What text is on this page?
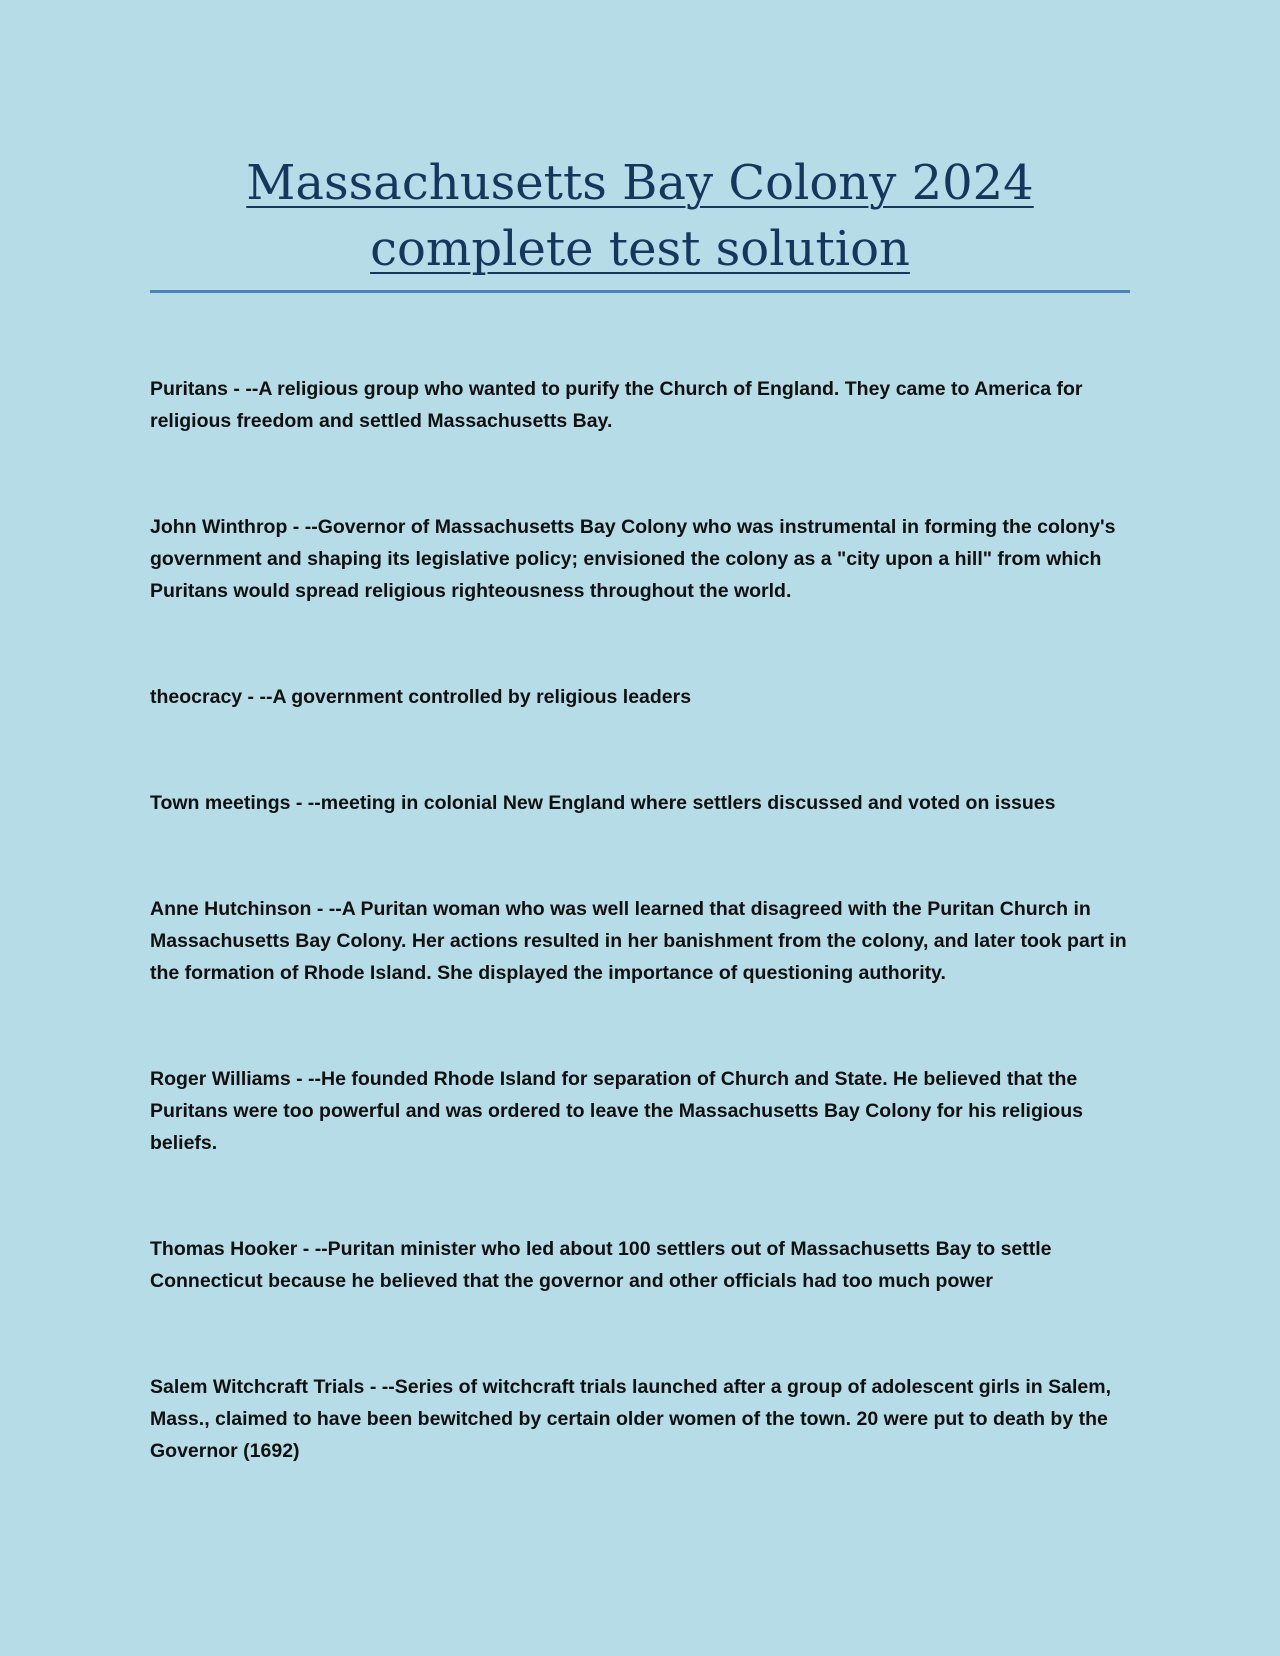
Massachusetts Bay Colony 2024
complete test solution

Puritans - --A religious group who wanted to purify the Church of England. They came to America for religious freedom and settled Massachusetts Bay.

John Winthrop - --Governor of Massachusetts Bay Colony who was instrumental in forming the colony's government and shaping its legislative policy; envisioned the colony as a "city upon a hill" from which Puritans would spread religious righteousness throughout the world.

theocracy - --A government controlled by religious leaders

Town meetings - --meeting in colonial New England where settlers discussed and voted on issues

Anne Hutchinson - --A Puritan woman who was well learned that disagreed with the Puritan Church in Massachusetts Bay Colony. Her actions resulted in her banishment from the colony, and later took part in the formation of Rhode Island. She displayed the importance of questioning authority.

Roger Williams - --He founded Rhode Island for separation of Church and State. He believed that the Puritans were too powerful and was ordered to leave the Massachusetts Bay Colony for his religious beliefs.

Thomas Hooker - --Puritan minister who led about 100 settlers out of Massachusetts Bay to settle Connecticut because he believed that the governor and other officials had too much power

Salem Witchcraft Trials - --Series of witchcraft trials launched after a group of adolescent girls in Salem, Mass., claimed to have been bewitched by certain older women of the town. 20 were put to death by the Governor (1692)
